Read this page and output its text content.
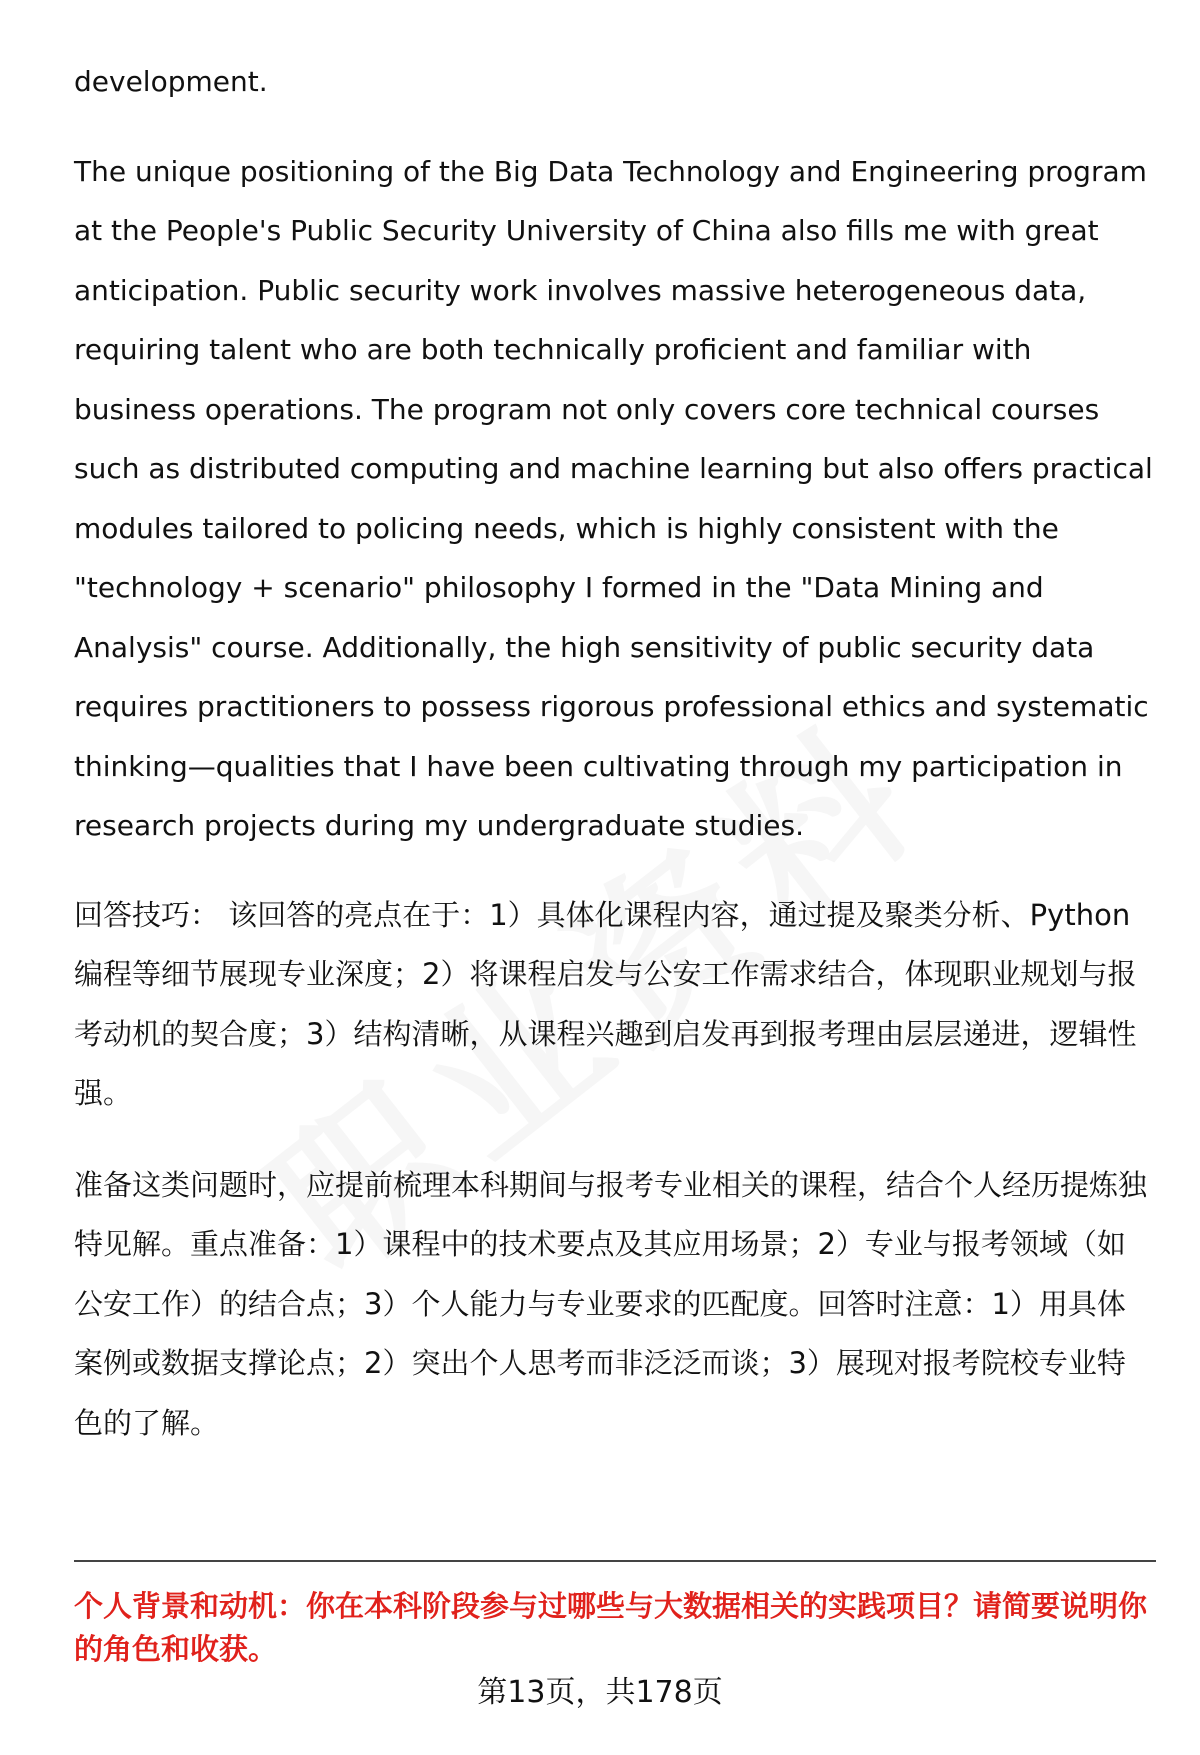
development.

The unique positioning of the Big Data Technology and Engineering program at the People's Public Security University of China also fills me with great anticipation. Public security work involves massive heterogeneous data, requiring talent who are both technically proficient and familiar with business operations. The program not only covers core technical courses such as distributed computing and machine learning but also offers practical modules tailored to policing needs, which is highly consistent with the "technology + scenario" philosophy I formed in the "Data Mining and Analysis" course. Additionally, the high sensitivity of public security data requires practitioners to possess rigorous professional ethics and systematic thinking—qualities that I have been cultivating through my participation in research projects during my undergraduate studies.

回答技巧： 该回答的亮点在于：1）具体化课程内容，通过提及聚类分析、Python编程等细节展现专业深度；2）将课程启发与公安工作需求结合，体现职业规划与报考动机的契合度；3）结构清晰，从课程兴趣到启发再到报考理由层层递进，逻辑性强。

准备这类问题时，应提前梳理本科期间与报考专业相关的课程，结合个人经历提炼独特见解。重点准备：1）课程中的技术要点及其应用场景；2）专业与报考领域（如公安工作）的结合点；3）个人能力与专业要求的匹配度。回答时注意：1）用具体案例或数据支撑论点；2）突出个人思考而非泛泛而谈；3）展现对报考院校专业特色的了解。

个人背景和动机：你在本科阶段参与过哪些与大数据相关的实践项目？请简要说明你的角色和收获。
第13页，共178页
